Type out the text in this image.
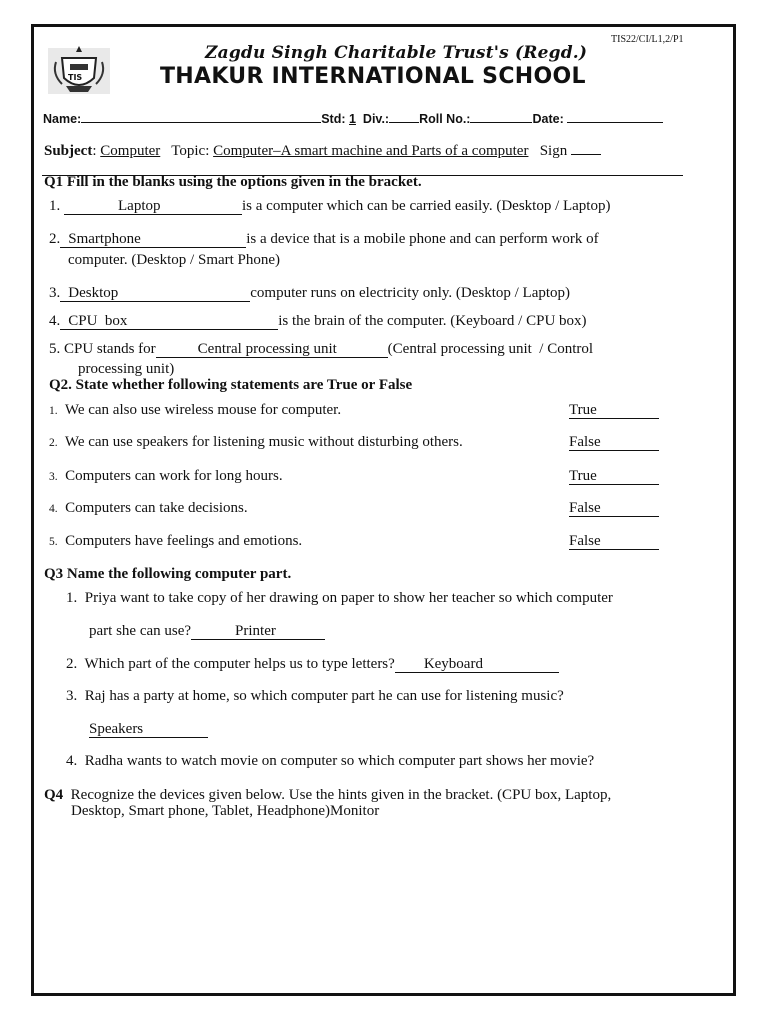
TIS22/CI/L1,2/P1
TIS
Zagdu Singh Charitable Trust's (Regd.)
THAKUR INTERNATIONAL SCHOOL
Name:	Std: 1 Div.: Roll No.:	Date:
Subject: Computer Topic: Computer–A smart machine and Parts of a computer Sign
Q1 Fill in the blanks using the options given in the bracket.
1.	Laptop	is a computer which can be carried easily. (Desktop / Laptop)
2. Smartphone	is a device that is a mobile phone and can perform work of
computer. (Desktop / Smart Phone)
3. Desktop	computer runs on electricity only. (Desktop / Laptop)
4. CPU  box	is the brain of the computer. (Keyboard / CPU box)
5. CPU stands for	Central processing unit	(Central processing unit  / Control
processing unit)
Q2. State whether following statements are True or False
1. We can also use wireless mouse for computer.	True
2. We can use speakers for listening music without disturbing others.	False
3. Computers can work for long hours.	True
4. Computers can take decisions.	False
5. Computers have feelings and emotions.	False
Q3 Name the following computer part.
1. Priya want to take copy of her drawing on paper to show her teacher so which computer
part she can use?	Printer
2. Which part of the computer helps us to type letters? Keyboard
3. Raj has a party at home, so which computer part he can use for listening music?
Speakers
4. Radha wants to watch movie on computer so which computer part shows her movie?
Q4 Recognize the devices given below. Use the hints given in the bracket. (CPU box, Laptop,
Desktop, Smart phone, Tablet, Headphone)Monitor
